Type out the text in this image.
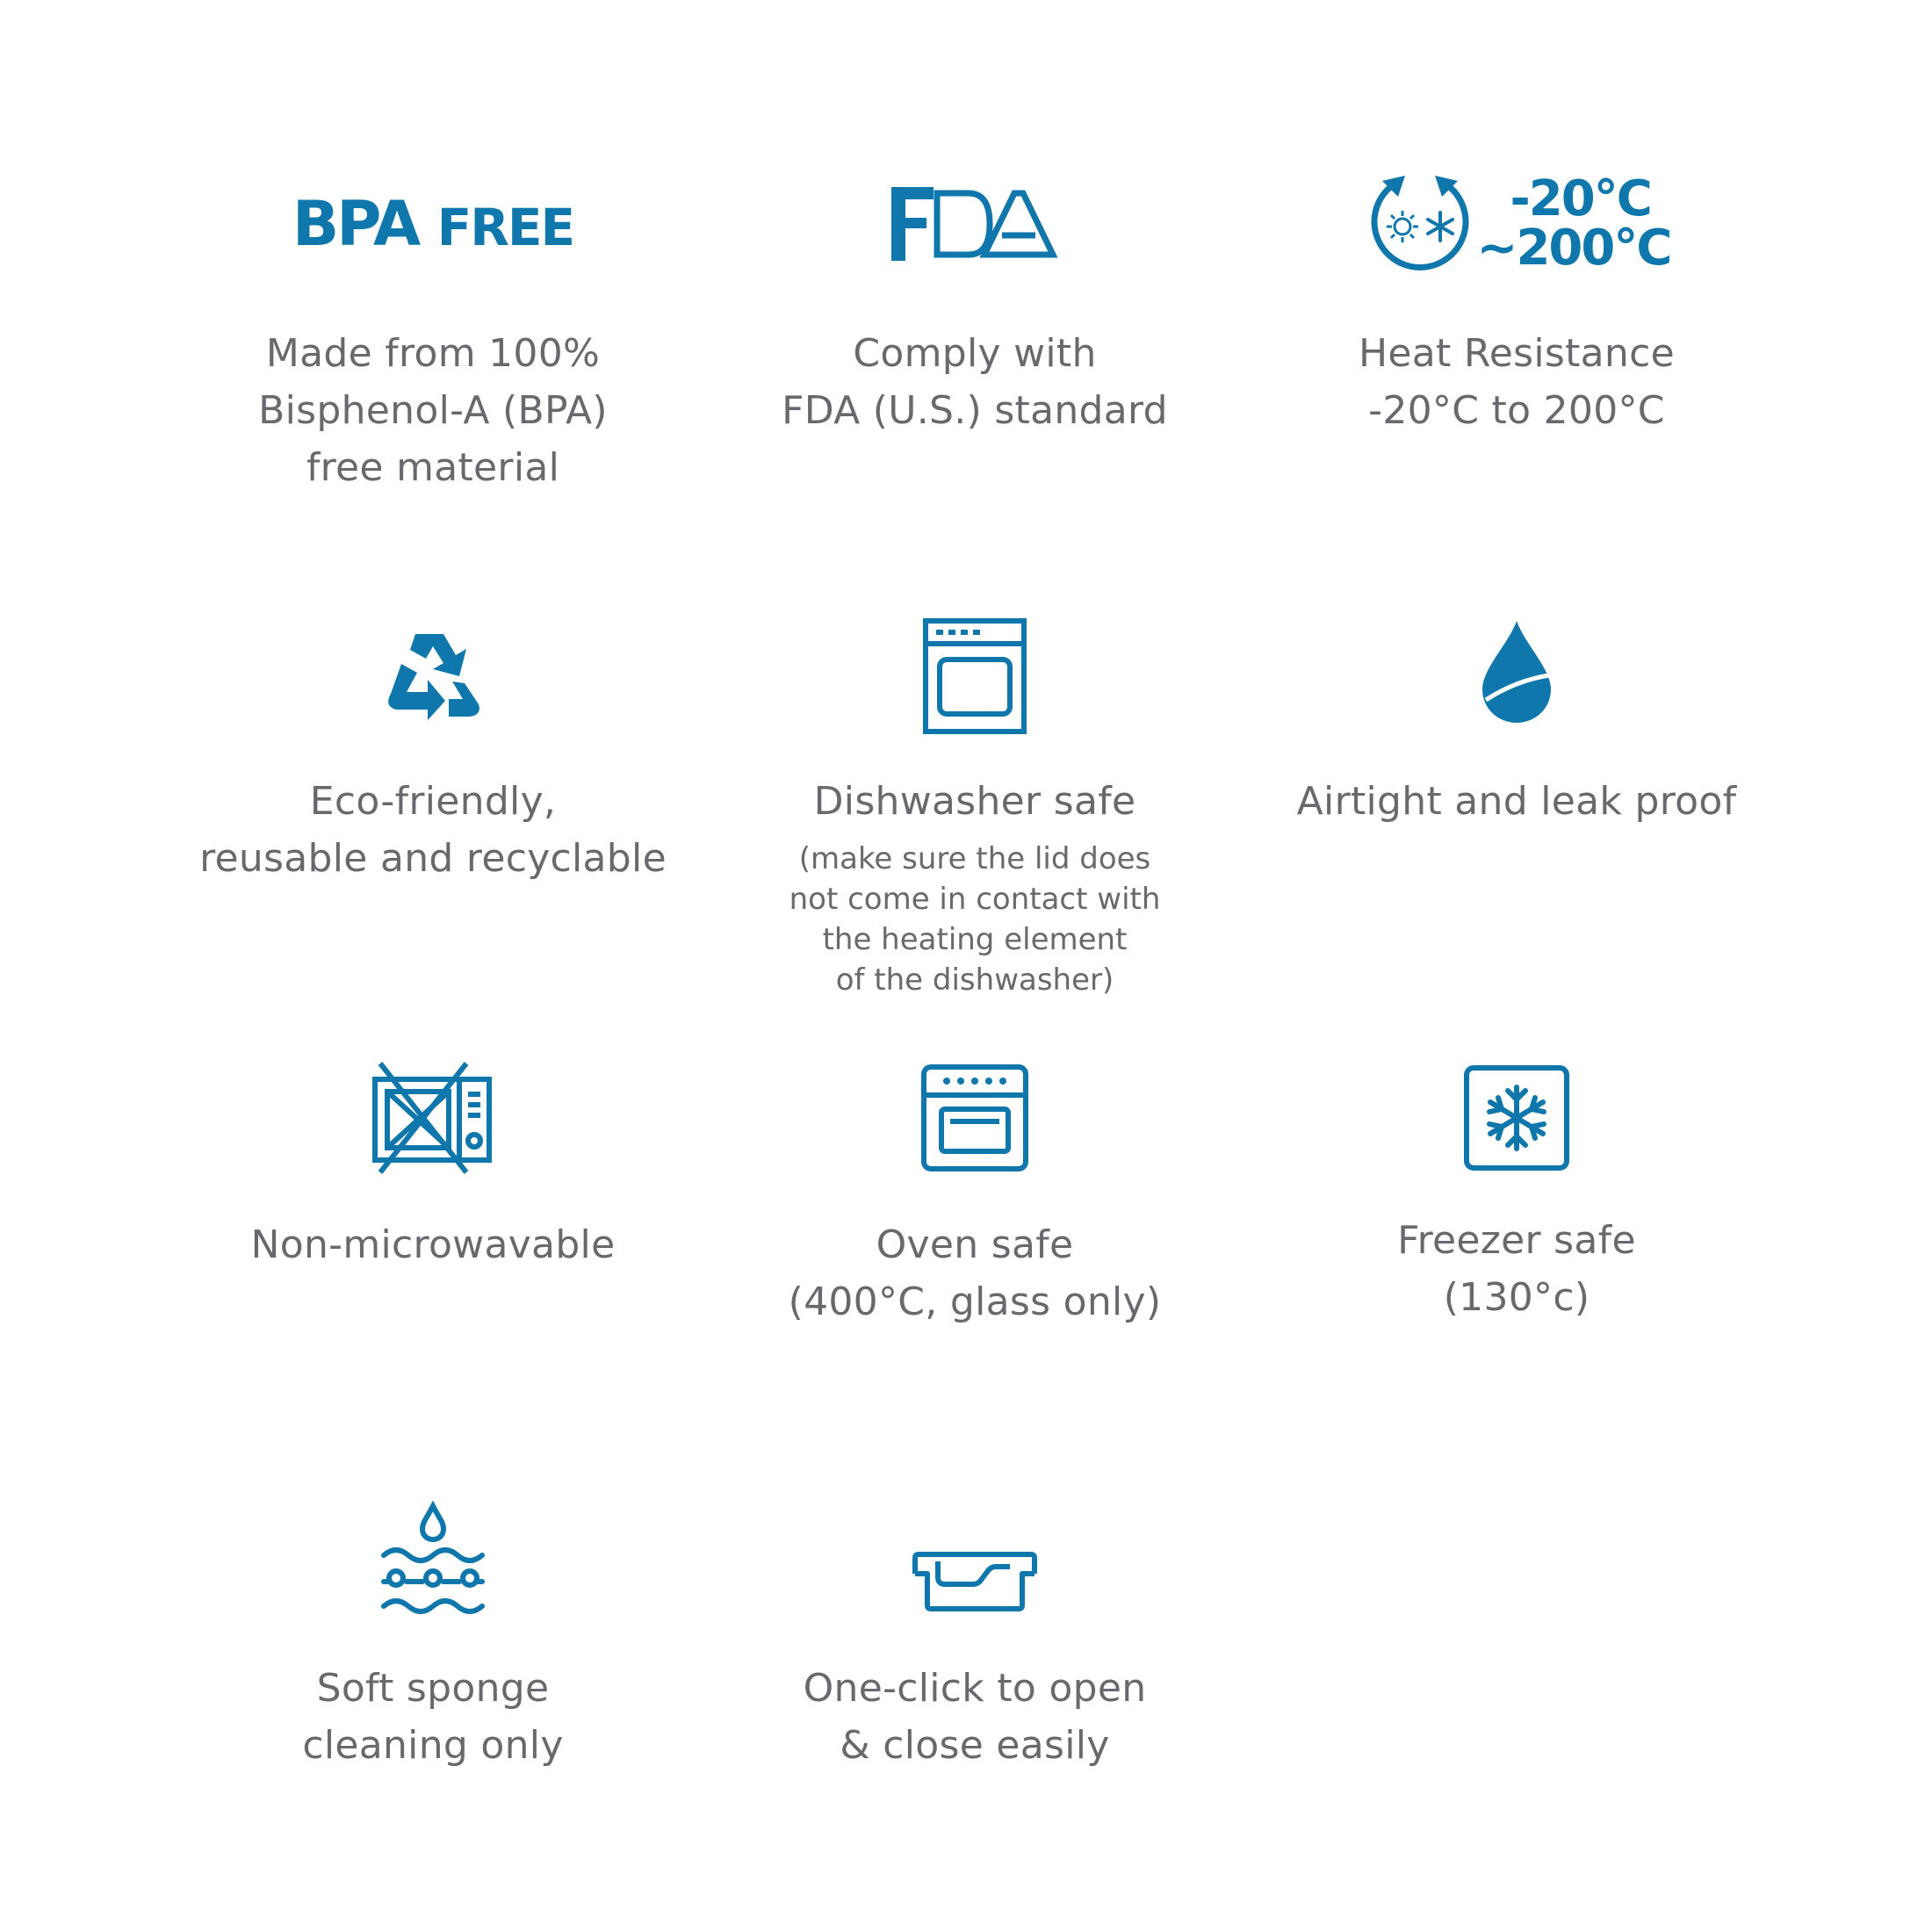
BPA FREE
Made from 100%
Bisphenol-A (BPA)
free material
Comply with
FDA (U.S.) standard
-20°C
~200°C
Heat Resistance
-20°C to 200°C
Eco-friendly,
reusable and recyclable
Dishwasher safe
(make sure the lid does
not come in contact with
the heating element
of the dishwasher)
Airtight and leak proof
Non-microwavable	Oven safe
(400°C, glass only)
Freezer safe
(130°c)
Soft sponge
cleaning only
One-click to open
& close easily
